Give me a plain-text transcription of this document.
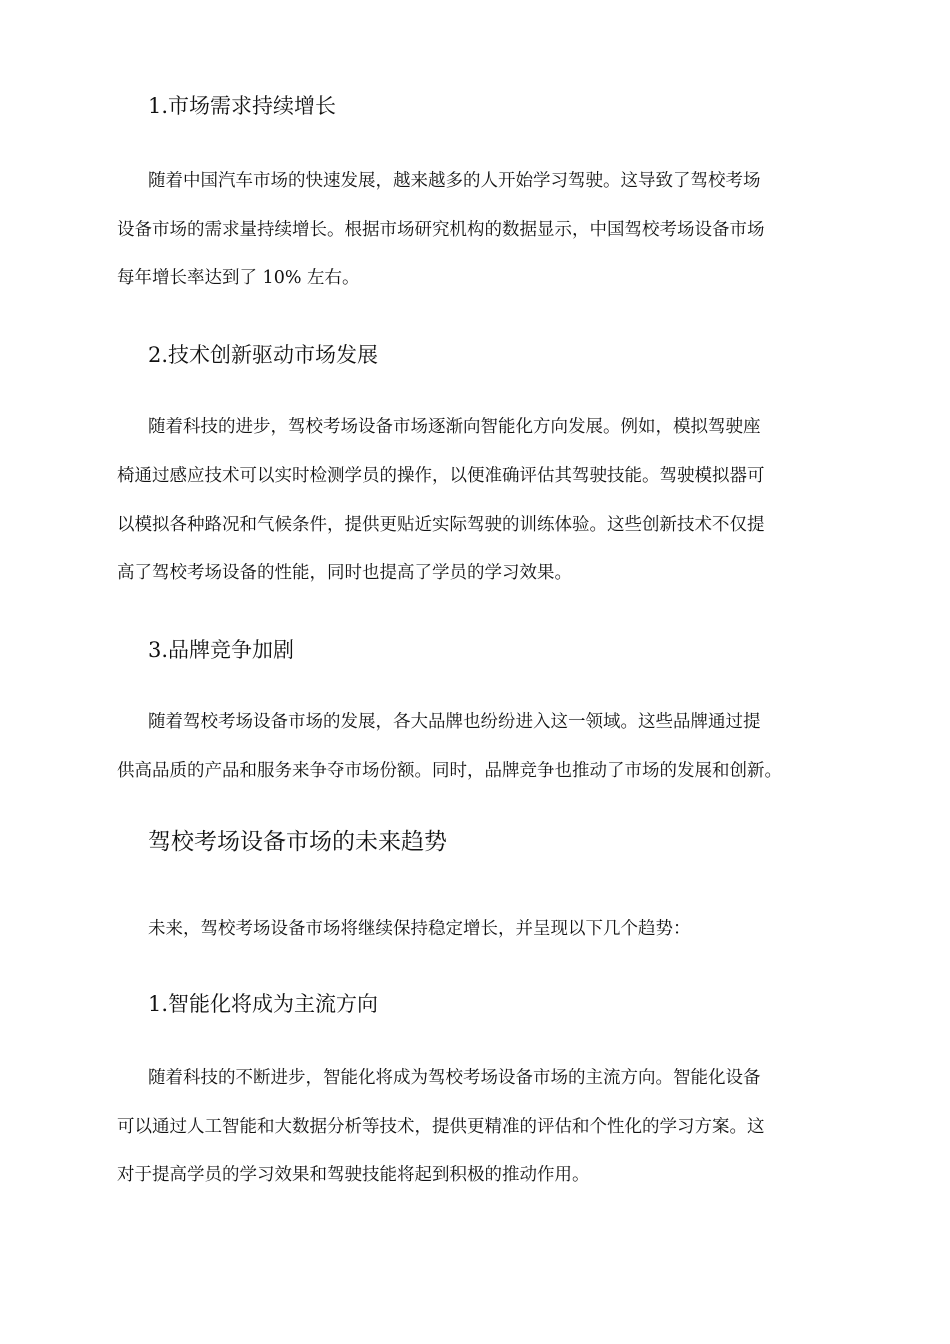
1.市场需求持续增长

随着中国汽车市场的快速发展，越来越多的人开始学习驾驶。这导致了驾校考场

设备市场的需求量持续增长。根据市场研究机构的数据显示，中国驾校考场设备市场

每年增长率达到了 10% 左右。

2.技术创新驱动市场发展

随着科技的进步，驾校考场设备市场逐渐向智能化方向发展。例如，模拟驾驶座

椅通过感应技术可以实时检测学员的操作，以便准确评估其驾驶技能。驾驶模拟器可

以模拟各种路况和气候条件，提供更贴近实际驾驶的训练体验。这些创新技术不仅提

高了驾校考场设备的性能，同时也提高了学员的学习效果。

3.品牌竞争加剧

随着驾校考场设备市场的发展，各大品牌也纷纷进入这一领域。这些品牌通过提

供高品质的产品和服务来争夺市场份额。同时，品牌竞争也推动了市场的发展和创新。

驾校考场设备市场的未来趋势

未来，驾校考场设备市场将继续保持稳定增长，并呈现以下几个趋势：

1.智能化将成为主流方向

随着科技的不断进步，智能化将成为驾校考场设备市场的主流方向。智能化设备

可以通过人工智能和大数据分析等技术，提供更精准的评估和个性化的学习方案。这

对于提高学员的学习效果和驾驶技能将起到积极的推动作用。
